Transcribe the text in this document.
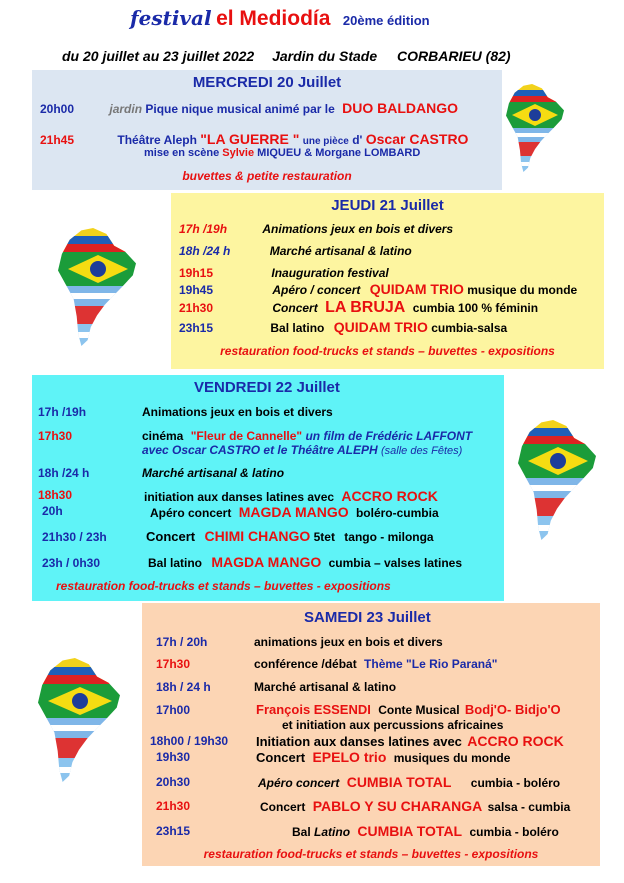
festival el Mediodía 20ème édition
du 20 juillet au 23 juillet 2022 Jardin du Stade CORBARIEU (82)
MERCREDI 20 Juillet
20h00	jardin Pique nique musical animé par le DUO BALDANGO
21h45	Théâtre Aleph "LA GUERRE " une pièce d' Oscar CASTRO
mise en scène Sylvie MIQUEU & Morgane LOMBARD
buvettes & petite restauration
JEUDI 21 Juillet
17h /19h	Animations jeux en bois et divers
18h /24 h	Marché artisanal & latino
19h15	Inauguration festival
19h45	Apéro / concert QUIDAM TRIO musique du monde
21h30	Concert LA BRUJA cumbia 100 % féminin
23h15	Bal latino QUIDAM TRIO cumbia-salsa
restauration food-trucks et stands – buvettes - expositions
VENDREDI 22 Juillet
17h /19h	Animations jeux en bois et divers
17h30	cinéma "Fleur de Cannelle" un film de Frédéric LAFFONT
avec Oscar CASTRO et le Théâtre ALEPH (salle des Fêtes)
18h /24 h	Marché artisanal & latino
18h30	initiation aux danses latines avec ACCRO ROCK
20h	Apéro concert MAGDA MANGO boléro-cumbia
21h30 / 23h	Concert CHIMI CHANGO 5tet tango - milonga
23h / 0h30	Bal latino MAGDA MANGO cumbia – valses latines
restauration food-trucks et stands – buvettes - expositions
SAMEDI 23 Juillet
17h / 20h	animations jeux en bois et divers
17h30	conférence /débat Thème "Le Rio Paraná"
18h / 24 h	Marché artisanal & latino
17h00	François ESSENDI Conte Musical Bodj'O- Bidjo'O
et initiation aux percussions africaines
18h00 / 19h30 Initiation aux danses latines avec ACCRO ROCK
19h30	Concert EPELO trio musiques du monde
20h30	Apéro concert CUMBIA TOTAL cumbia - boléro
21h30	Concert PABLO Y SU CHARANGA salsa - cumbia
23h15	Bal Latino CUMBIA TOTAL cumbia - boléro
restauration food-trucks et stands – buvettes - expositions
